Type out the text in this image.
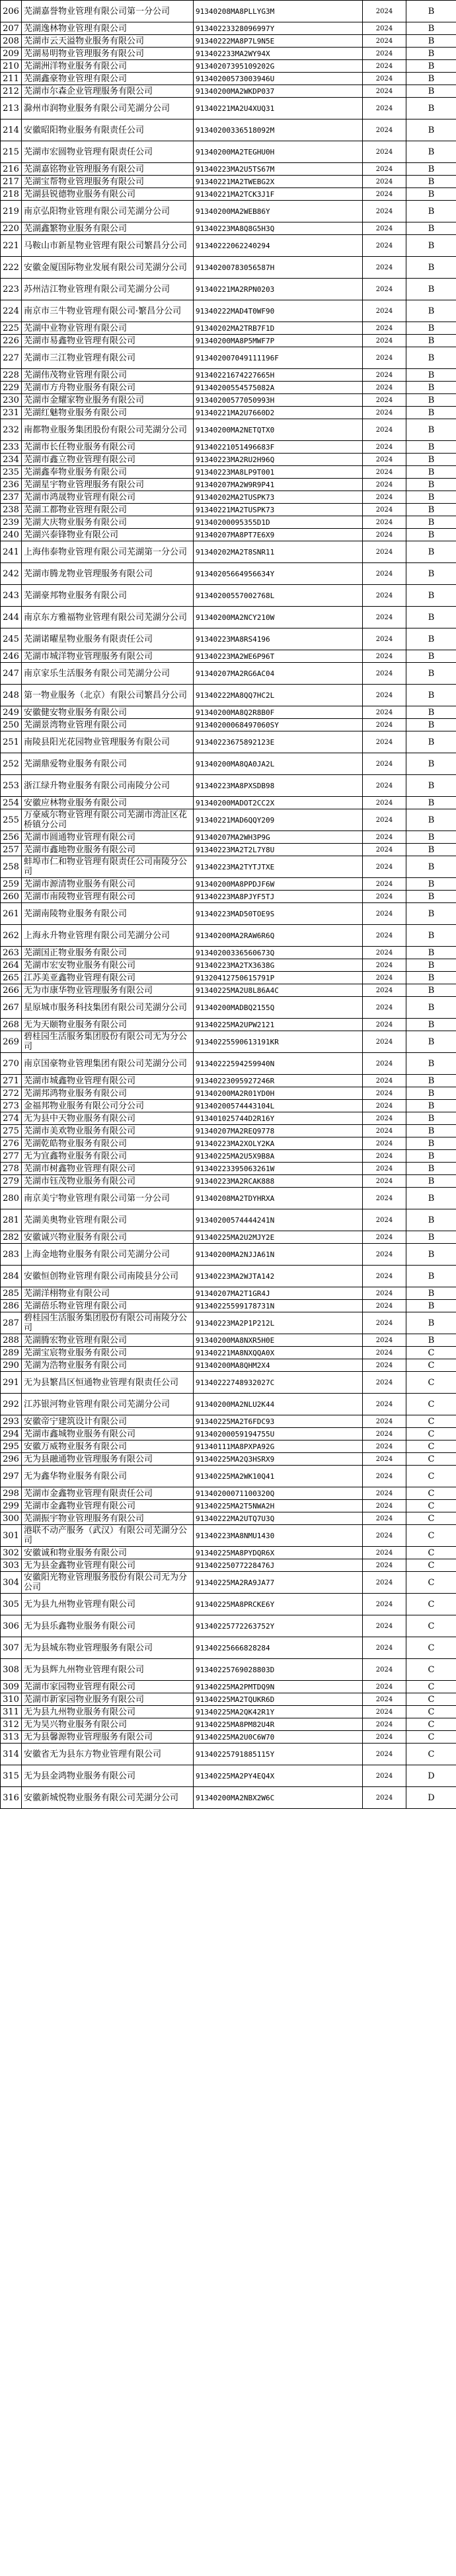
206	芜湖嘉誉物业管理有限公司第一分公司	91340208MA8PLLYG3M	2024	B
207	芜湖逸林物业管理有限公司	91340223328096997Y	2024	B
208	芜湖市云天溢物业服务有限公司	91340222MA8P7L9N5E	2024	B
209	芜湖易明物业管理服务有限公司	913402233MA2WY94X	2024	B
210	芜湖洲洋物业服务有限公司	91340207395109202G	2024	B
211	芜湖鑫豪物业管理有限公司	91340200573003946U	2024	B
212	芜湖市尔森企业管理服务有限公司	91340200MA2WKDP037	2024	B
213	滁州市润物业服务有限公司芜湖分公司	91340221MA2U4XUQ31	2024	B
214	安徽昭阳物业服务有限责任公司	91340200336518092M	2024	B
215	芜湖市宏圆物业管理有限责任公司	91340200MA2TEGHU0H	2024	B
216	芜湖嘉铭物业管理服务有限公司	91340223MA2U5TS67M	2024	B
217	芜湖宝帮物业管理服务有限公司	91340221MA2TWEBG2X	2024	B
218	芜湖县锐德物业服务有限公司	91340221MA2TCK3J1F	2024	B
219	南京弘阳物业管理有限公司芜湖分公司	91340200MA2WEB86Y	2024	B
220	芜湖鑫繁物业服务有限公司	91340223MA8Q8G5H3Q	2024	B
221	马鞍山市新星物业管理有限公司繁昌分公司	91340222062240294	2024	B
222	安徽金厦国际物业发展有限公司芜湖分公司	91340200783056587H	2024	B
223	苏州洁江物业管理有限公司芜湖分公司	91340221MA2RPN0203	2024	B
224	南京市三牛物业管理有限公司·繁昌分公司	91340222MAD4T0WF90	2024	B
225	芜湖中业物业管理有限公司	91340202MA2TRB7F1D	2024	B
226	芜湖市易鑫物业管理有限公司	91340200MA8P5MWF7P	2024	B
227	芜湖市三江物业管理有限公司	913402007049111196F	2024	B
228	芜湖伟茂物业管理有限公司	91340221674227665H	2024	B
229	芜湖市方舟物业服务有限公司	91340200554575082A	2024	B
230	芜湖市金耀家物业服务有限公司	91340200577050993H	2024	B
231	芜湖红魅物业服务有限公司	91340221MA2U7660D2	2024	B
232	南都物业服务集团股份有限公司芜湖分公司	91340200MA2NETQTX0	2024	B
233	芜湖市长任物业服务有限公司	91340221051496683F	2024	B
234	芜湖市鑫立物业管理有限公司	91340223MA2RU2H96Q	2024	B
235	芜湖鑫奉物业服务有限公司	91340223MA8LP9T001	2024	B
236	芜湖星宇物业管理服务有限公司	91340207MA2W9R9P41	2024	B
237	芜湖市鸿晟物业管理有限公司	91340202MA2TUSPK73	2024	B
238	芜湖工都物业管理有限公司	91340221MA2TUSPK73	2024	B
239	芜湖大庆物业服务有限公司	91340200095355D1D	2024	B
240	芜湖兴泰锋物业有限公司	91340207MA8PT7E6X9	2024	B
241	上海伟泰物业管理有限公司芜湖第一分公司	91340202MA2T8SNR11	2024	B
242	芜湖市腾龙物业管理服务有限公司	91340205664956634Y	2024	B
243	芜湖豪邦物业服务有限公司	91340200557002768L	2024	B
244	南京东方雅福物业管理有限公司芜湖分公司	91340200MA2NCY210W	2024	B
245	芜湖诺曜星物业服务有限责任公司	91340223MA8RS4196	2024	B
246	芜湖市城洋物业管理服务有限公司	91340223MA2WE6P96T	2024	B
247	南京家乐生活服务有限公司芜湖分公司	91340207MA2RG6AC04	2024	B
248	第一物业服务（北京）有限公司繁昌分公司	91340222MA8QQ7HC2L	2024	B
249	安徽健安物业服务有限公司	91340200MA8Q2R8B0F	2024	B
250	芜湖景湾物业管理有限公司	91340200068497060SY	2024	B
251	南陵县阳光花园物业管理服务有限公司	91340223675892123E	2024	B
252	芜湖鼎爱物业服务有限公司	91340200MA8QA0JA2L	2024	B
253	浙江绿升物业服务有限公司南陵分公司	91340223MA8PXSDB98	2024	B
254	安徽应林物业服务有限公司	91340200MADOT2CC2X	2024	B
255	万豪威尔物业管理有限公司芜湖市湾沚区花桥镇分公司	91340221MAD6QQY209	2024	B
256	芜湖市圆通物业管理有限公司	91340207MA2WH3P9G	2024	B
257	芜湖市鑫地物业服务有限公司	91340223MA2T2L7Y8U	2024	B
258	蚌埠市仁和物业管理有限责任公司南陵分公司	91340223MA2TYTJTXE	2024	B
259	芜湖市源清物业服务有限公司	91340200MA8PPDJF6W	2024	B
260	芜湖市南陵物业管理有限公司	91340223MA8PJYF5TJ	2024	B
261	芜湖南陵物业服务有限公司	91340223MAD50TOE9S	2024	B
262	上海永升物业管理有限公司芜湖分公司	91340200MA2RAW6R6Q	2024	B
263	芜湖国正物业服务有限公司	91340200336560673Q	2024	B
264	芜湖市宏安物业服务有限公司	91340223MA2TX3638G	2024	B
265	江苏美亚鑫物业管理有限公司	91320412750615791P	2024	B
266	无为市康华物业管理服务有限公司	91340225MA2U8L86A4C	2024	B
267	星原城市服务科技集团有限公司芜湖分公司	91340200MADBQ2155Q	2024	B
268	无为天颐物业服务有限公司	91340225MA2UPW2121	2024	B
269	碧桂园生活服务集团股份有限公司无为分公司	91340225590613191KR	2024	B
270	南京国豪物业管理集团有限公司芜湖分公司	91340222594259940N	2024	B
271	芜湖市城鑫物业管理有限公司	91340223095927246R	2024	B
272	芜湖邦鸿物业服务有限公司	91340200MA2R01YD0H	2024	B
273	金福邦物业服务有限公司分公司	91340200574443104L	2024	B
274	无为县中天物业服务有限公司	913401025744D2R16Y	2024	B
275	芜湖市美欢物业服务有限公司	91340207MA2REQ9778	2024	B
276	芜湖乾皓物业服务有限公司	91340223MA2XOLY2KA	2024	B
277	无为宜鑫物业服务有限公司	91340225MA2U5X9B8A	2024	B
278	芜湖市树鑫物业管理有限公司	91340223395063261W	2024	B
279	芜湖市钰茂物业服务有限公司	91340223MA2RCAK888	2024	B
280	南京美宁物业管理有限公司第一分公司	91340208MA2TDYHRXA	2024	B
281	芜湖美奥物业管理有限公司	91340200574444241N	2024	B
282	安徽诚兴物业服务有限公司	91340225MA2U2MJY2E	2024	B
283	上海金地物业服务有限公司芜湖分公司	91340200MA2NJJA61N	2024	B
284	安徽恒创物业管理有限公司南陵县分公司	91340223MA2WJTA142	2024	B
285	芜湖洋栩物业有限公司	91340207MA2T1GR4J	2024	B
286	芜湖蓓乐物业管理有限公司	91340225599178731N	2024	B
287	碧桂园生活服务集团股份有限公司南陵分公司	91340223MA2P1P212L	2024	B
288	芜湖腾宏物业管理有限公司	91340200MA8NXR5H0E	2024	B
289	芜湖宝宸物业服务有限公司	91340221MA8NXQQA0X	2024	C
290	芜湖为浩物业服务有限公司	91340200MA8QHM2X4	2024	C
291	无为县繁昌区恒通物业管理有限责任公司	91340222748932027C	2024	C
292	江苏银河物业管理有限公司芜湖分公司	91340200MA2NLU2K44	2024	C
293	安徽帝宁建筑设计有限公司	91340225MA2T6FDC93	2024	C
294	芜湖市鑫城物业服务有限公司	91340200059194755U	2024	C
295	安徽万威物业服务有限公司	91340111MA8PXPA92G	2024	C
296	无为县融通物业管理服务有限公司	91340225MA2Q3HSRX9	2024	C
297	无为鑫华物业服务有限公司	91340225MA2WK10Q41	2024	C
298	芜湖市金鑫物业管理有限责任公司	91340200071100320Q	2024	C
299	芜湖市金鑫物业管理有限公司	91340225MA2T5NWA2H	2024	C
300	芜湖振宇物业管理服务有限公司	91340222MA2UTQ7U3Q	2024	C
301	港联不动产服务（武汉）有限公司芜湖分公司	91340223MA8NMU1430	2024	C
302	安徽诚和物业服务有限公司	91340225MA8PYDQR6X	2024	C
303	无为县金鑫物业管理有限公司	91340225077228476J	2024	C
304	安徽阳光物业管理服务股份有限公司无为分公司	91340225MA2RA9JA77	2024	C
305	无为县九州物业管理有限公司	91340225MA8PRCKE6Y	2024	C
306	无为县乐鑫物业服务有限公司	91340225772263752Y	2024	C
307	无为县城东物业管理服务有限公司	91340225666828284	2024	C
308	无为县辉九州物业管理有限公司	91340225769028803D	2024	C
309	芜湖市家园物业管理有限公司	91340225MA2PMTDQ9N	2024	C
310	芜湖市新家园物业服务有限公司	91340225MA2TQUKR6D	2024	C
311	无为县九州物业服务有限公司	91340225MA2QK42R1Y	2024	C
312	无为昊兴物业服务有限公司	91340225MA8PM82U4R	2024	C
313	无为县馨源物业管理服务有限公司	91340225MA2U0C6W70	2024	C
314	安徽省无为县东方物业管理有限公司	91340225791885115Y	2024	C
315	无为县金鸿物业服务有限公司	91340225MA2PY4EQ4X	2024	D
316	安徽新城悦物业服务有限公司芜湖分公司	91340200MA2NBX2W6C	2024	D
